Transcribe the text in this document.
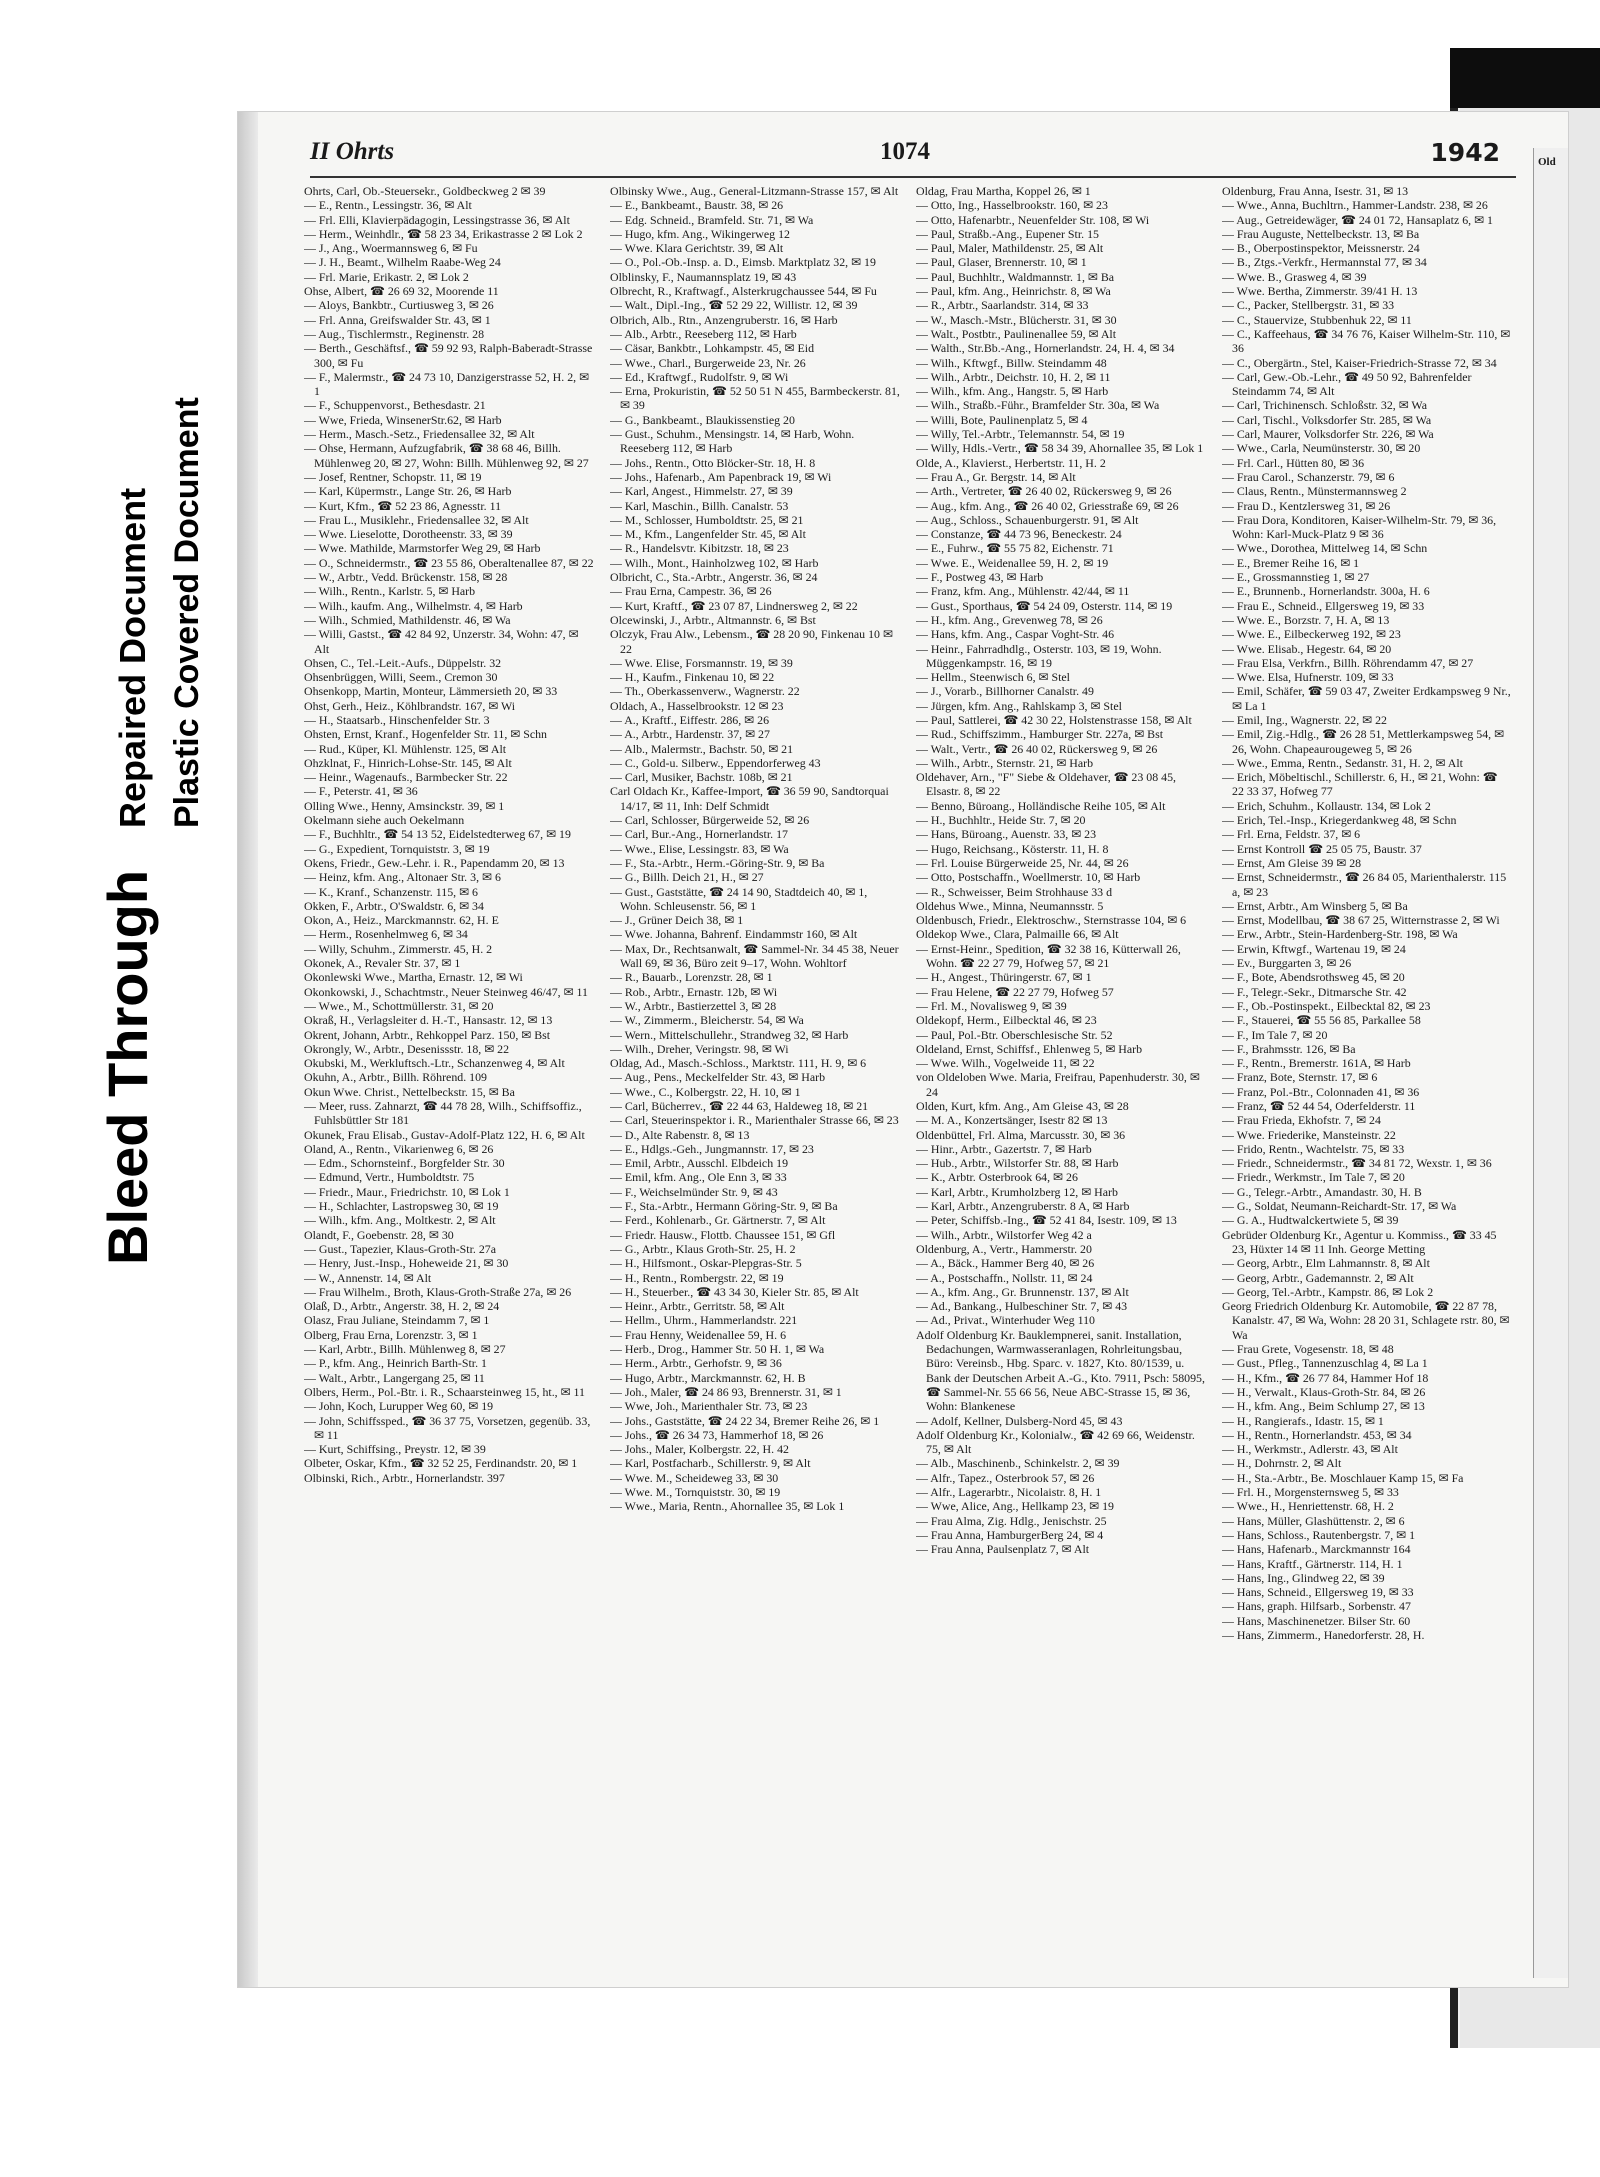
Bleed Through
Repaired Document Plastic Covered Document
II Ohrts	1074	1942
Ohrts, Carl, Ob.-Steuersekr., Goldbeckweg 2 ✉ 39
— E., Rentn., Lessingstr. 36, ✉ Alt
— Frl. Elli, Klavierpädagogin, Lessingstrasse 36, ✉ Alt
— Herm., Weinhdlr., ☎ 58 23 34, Erikastrasse 2 ✉ Lok 2
— J., Ang., Woermannsweg 6, ✉ Fu
— J. H., Beamt., Wilhelm Raabe-Weg 24
— Frl. Marie, Erikastr. 2, ✉ Lok 2
Ohse, Albert, ☎ 26 69 32, Moorende 11
— Aloys, Bankbtr., Curtiusweg 3, ✉ 26
— Frl. Anna, Greifswalder Str. 43, ✉ 1
— Aug., Tischlermstr., Reginenstr. 28
— Berth., Geschäftsf., ☎ 59 92 93, Ralph-Baberadt-Strasse 300, ✉ Fu
— F., Malermstr., ☎ 24 73 10, Danzigerstrasse 52, H. 2, ✉ 1
— F., Schuppenvorst., Bethesdastr. 21
— Wwe, Frieda, WinsenerStr.62, ✉ Harb
— Herm., Masch.-Setz., Friedensallee 32, ✉ Alt
— Ohse, Hermann, Aufzugfabrik, ☎ 38 68 46, Billh. Mühlenweg 20, ✉ 27, Wohn: Billh. Mühlenweg 92, ✉ 27
— Josef, Rentner, Schopstr. 11, ✉ 19
— Karl, Küpermstr., Lange Str. 26, ✉ Harb
— Kurt, Kfm., ☎ 52 23 86, Agnesstr. 11
— Frau L., Musiklehr., Friedensallee 32, ✉ Alt
— Wwe. Lieselotte, Dorotheenstr. 33, ✉ 39
— Wwe. Mathilde, Marmstorfer Weg 29, ✉ Harb
— O., Schneidermstr., ☎ 23 55 86, Oberaltenallee 87, ✉ 22
— W., Arbtr., Vedd. Brückenstr. 158, ✉ 28
— Wilh., Rentn., Karlstr. 5, ✉ Harb
— Wilh., kaufm. Ang., Wilhelmstr. 4, ✉ Harb
— Wilh., Schmied, Mathildenstr. 46, ✉ Wa
— Willi, Gastst., ☎ 42 84 92, Unzerstr. 34, Wohn: 47, ✉ Alt
Ohsen, C., Tel.-Leit.-Aufs., Düppelstr. 32
Ohsenbrüggen, Willi, Seem., Cremon 30
Ohsenkopp, Martin, Monteur, Lämmersieth 20, ✉ 33
Ohst, Gerh., Heiz., Köhlbrandstr. 167, ✉ Wi
— H., Staatsarb., Hinschenfelder Str. 3
Ohsten, Ernst, Kranf., Hogenfelder Str. 11, ✉ Schn
— Rud., Küper, Kl. Mühlenstr. 125, ✉ Alt
Ohzklnat, F., Hinrich-Lohse-Str. 145, ✉ Alt
— Heinr., Wagenaufs., Barmbecker Str. 22
— F., Peterstr. 41, ✉ 36
Olling Wwe., Henny, Amsinckstr. 39, ✉ 1
Okelmann siehe auch Oekelmann
— F., Buchhltr., ☎ 54 13 52, Eidelstedterweg 67, ✉ 19
— G., Expedient, Tornquiststr. 3, ✉ 19
Okens, Friedr., Gew.-Lehr. i. R., Papendamm 20, ✉ 13
— Heinz, kfm. Ang., Altonaer Str. 3, ✉ 6
— K., Kranf., Schanzenstr. 115, ✉ 6
Okken, F., Arbtr., O'Swaldstr. 6, ✉ 34
Okon, A., Heiz., Marckmannstr. 62, H. E
— Herm., Rosenhelmweg 6, ✉ 34
— Willy, Schuhm., Zimmerstr. 45, H. 2
Okonek, A., Revaler Str. 37, ✉ 1
Okonlewski Wwe., Martha, Ernastr. 12, ✉ Wi
Okonkowski, J., Schachtmstr., Neuer Steinweg 46/47, ✉ 11
— Wwe., M., Schottmüllerstr. 31, ✉ 20
Okraß, H., Verlagsleiter d. H.-T., Hansastr. 12, ✉ 13
Okrent, Johann, Arbtr., Rehkoppel Parz. 150, ✉ Bst
Okrongly, W., Arbtr., Desenissstr. 18, ✉ 22
Okubski, M., Werkluftsch.-Ltr., Schanzenweg 4, ✉ Alt
Okuhn, A., Arbtr., Billh. Röhrend. 109
Okun Wwe. Christ., Nettelbeckstr. 15, ✉ Ba
— Meer, russ. Zahnarzt, ☎ 44 78 28, Wilh., Schiffsoffiz., Fuhlsbüttler Str 181
Okunek, Frau Elisab., Gustav-Adolf-Platz 122, H. 6, ✉ Alt
Oland, A., Rentn., Vikarienweg 6, ✉ 26
— Edm., Schornsteinf., Borgfelder Str. 30
— Edmund, Vertr., Humboldtstr. 75
— Friedr., Maur., Friedrichstr. 10, ✉ Lok 1
— H., Schlachter, Lastropsweg 30, ✉ 19
— Wilh., kfm. Ang., Moltkestr. 2, ✉ Alt
Olandt, F., Goebenstr. 28, ✉ 30
— Gust., Tapezier, Klaus-Groth-Str. 27a
— Henry, Just.-Insp., Hoheweide 21, ✉ 30
— W., Annenstr. 14, ✉ Alt
— Frau Wilhelm., Broth, Klaus-Groth-Straße 27a, ✉ 26
Olaß, D., Arbtr., Angerstr. 38, H. 2, ✉ 24
Olasz, Frau Juliane, Steindamm 7, ✉ 1
Olberg, Frau Erna, Lorenzstr. 3, ✉ 1
— Karl, Arbtr., Billh. Mühlenweg 8, ✉ 27
— P., kfm. Ang., Heinrich Barth-Str. 1
— Walt., Arbtr., Langergang 25, ✉ 11
Olbers, Herm., Pol.-Btr. i. R., Schaarsteinweg 15, ht., ✉ 11
— John, Koch, Lurupper Weg 60, ✉ 19
— John, Schiffssped., ☎ 36 37 75, Vorsetzen, gegenüb. 33, ✉ 11
— Kurt, Schiffsing., Preystr. 12, ✉ 39
Olbeter, Oskar, Kfm., ☎ 32 52 25, Ferdinandstr. 20, ✉ 1
Olbinski, Rich., Arbtr., Hornerlandstr. 397
Olbinsky Wwe., Aug., General-Litzmann-Strasse 157, ✉ Alt
— E., Bankbeamt., Baustr. 38, ✉ 26
— Edg. Schneid., Bramfeld. Str. 71, ✉ Wa
— Hugo, kfm. Ang., Wikingerweg 12
— Wwe. Klara Gerichtstr. 39, ✉ Alt
— O., Pol.-Ob.-Insp. a. D., Eimsb. Marktplatz 32, ✉ 19
Olblinsky, F., Naumannsplatz 19, ✉ 43
Olbrecht, R., Kraftwagf., Alsterkrugchaussee 544, ✉ Fu
— Walt., Dipl.-Ing., ☎ 52 29 22, Willistr. 12, ✉ 39
Olbrich, Alb., Rtn., Anzengruberstr. 16, ✉ Harb
— Alb., Arbtr., Reeseberg 112, ✉ Harb
— Cäsar, Bankbtr., Lohkampstr. 45, ✉ Eid
— Wwe., Charl., Burgerweide 23, Nr. 26
— Ed., Kraftwgf., Rudolfstr. 9, ✉ Wi
— Erna, Prokuristin, ☎ 52 50 51 N 455, Barmbeckerstr. 81, ✉ 39
— G., Bankbeamt., Blaukissenstieg 20
— Gust., Schuhm., Mensingstr. 14, ✉ Harb, Wohn. Reeseberg 112, ✉ Harb
— Johs., Rentn., Otto Blöcker-Str. 18, H. 8
— Johs., Hafenarb., Am Papenbrack 19, ✉ Wi
— Karl, Angest., Himmelstr. 27, ✉ 39
— Karl, Maschin., Billh. Canalstr. 53
— M., Schlosser, Humboldtstr. 25, ✉ 21
— M., Kfm., Langenfelder Str. 45, ✉ Alt
— R., Handelsvtr. Kibitzstr. 18, ✉ 23
— Wilh., Mont., Hainholzweg 102, ✉ Harb
Olbricht, C., Sta.-Arbtr., Angerstr. 36, ✉ 24
— Frau Erna, Campestr. 36, ✉ 26
— Kurt, Kraftf., ☎ 23 07 87, Lindnersweg 2, ✉ 22
Olcewinski, J., Arbtr., Altmannstr. 6, ✉ Bst
Olczyk, Frau Alw., Lebensm., ☎ 28 20 90, Finkenau 10 ✉ 22
— Wwe. Elise, Forsmannstr. 19, ✉ 39
— H., Kaufm., Finkenau 10, ✉ 22
— Th., Oberkassenverw., Wagnerstr. 22
Oldach, A., Hasselbrookstr. 12 ✉ 23
— A., Kraftf., Eiffestr. 286, ✉ 26
— A., Arbtr., Hardenstr. 37, ✉ 27
— Alb., Malermstr., Bachstr. 50, ✉ 21
— C., Gold-u. Silberw., Eppendorferweg 43
— Carl, Musiker, Bachstr. 108b, ✉ 21
Carl Oldach Kr., Kaffee-Import, ☎ 36 59 90, Sandtorquai 14/17, ✉ 11, Inh: Delf Schmidt
— Carl, Schlosser, Bürgerweide 52, ✉ 26
— Carl, Bur.-Ang., Hornerlandstr. 17
— Wwe., Elise, Lessingstr. 83, ✉ Wa
— F., Sta.-Arbtr., Herm.-Göring-Str. 9, ✉ Ba
— G., Billh. Deich 21, H., ✉ 27
— Gust., Gaststätte, ☎ 24 14 90, Stadtdeich 40, ✉ 1, Wohn. Schleusenstr. 56, ✉ 1
— J., Grüner Deich 38, ✉ 1
— Wwe. Johanna, Bahrenf. Eindammstr 160, ✉ Alt
— Max, Dr., Rechtsanwalt, ☎ Sammel-Nr. 34 45 38, Neuer Wall 69, ✉ 36, Büro zeit 9–17, Wohn. Wohltorf
— R., Bauarb., Lorenzstr. 28, ✉ 1
— Rob., Arbtr., Ernastr. 12b, ✉ Wi
— W., Arbtr., Bastierzettel 3, ✉ 28
— W., Zimmerm., Bleicherstr. 54, ✉ Wa
— Wern., Mittelschullehr., Strandweg 32, ✉ Harb
— Wilh., Dreher, Veringstr. 98, ✉ Wi
Oldag, Ad., Masch.-Schloss., Marktstr. 111, H. 9, ✉ 6
— Aug., Pens., Meckelfelder Str. 43, ✉ Harb
— Wwe., C., Kolbergstr. 22, H. 10, ✉ 1
— Carl, Bücherrev., ☎ 22 44 63, Haldeweg 18, ✉ 21
— Carl, Steuerinspektor i. R., Marienthaler Strasse 66, ✉ 23
— D., Alte Rabenstr. 8, ✉ 13
— E., Hdlgs.-Geh., Jungmannstr. 17, ✉ 23
— Emil, Arbtr., Ausschl. Elbdeich 19
— Emil, kfm. Ang., Ole Enn 3, ✉ 33
— F., Weichselmünder Str. 9, ✉ 43
— F., Sta.-Arbtr., Hermann Göring-Str. 9, ✉ Ba
— Ferd., Kohlenarb., Gr. Gärtnerstr. 7, ✉ Alt
— Friedr. Hausw., Flottb. Chaussee 151, ✉ Gfl
— G., Arbtr., Klaus Groth-Str. 25, H. 2
— H., Hilfsmont., Oskar-Plepgras-Str. 5
— H., Rentn., Rombergstr. 22, ✉ 19
— H., Steuerber., ☎ 43 34 30, Kieler Str. 85, ✉ Alt
— Heinr., Arbtr., Gerritstr. 58, ✉ Alt
— Hellm., Uhrm., Hammerlandstr. 221
— Frau Henny, Weidenallee 59, H. 6
— Herb., Drog., Hammer Str. 50 H. 1, ✉ Wa
— Herm., Arbtr., Gerhofstr. 9, ✉ 36
— Hugo, Arbtr., Marckmannstr. 62, H. B
— Joh., Maler, ☎ 24 86 93, Brennerstr. 31, ✉ 1
— Wwe, Joh., Marienthaler Str. 73, ✉ 23
— Johs., Gaststätte, ☎ 24 22 34, Bremer Reihe 26, ✉ 1
— Johs., ☎ 26 34 73, Hammerhof 18, ✉ 26
— Johs., Maler, Kolbergstr. 22, H. 42
— Karl, Postfacharb., Schillerstr. 9, ✉ Alt
— Wwe. M., Scheideweg 33, ✉ 30
— Wwe. M., Tornquiststr. 30, ✉ 19
— Wwe., Maria, Rentn., Ahornallee 35, ✉ Lok 1
Oldag, Frau Martha, Koppel 26, ✉ 1
— Otto, Ing., Hasselbrookstr. 160, ✉ 23
— Otto, Hafenarbtr., Neuenfelder Str. 108, ✉ Wi
— Paul, Straßb.-Ang., Eupener Str. 15
— Paul, Maler, Mathildenstr. 25, ✉ Alt
— Paul, Glaser, Brennerstr. 10, ✉ 1
— Paul, Buchhltr., Waldmannstr. 1, ✉ Ba
— Paul, kfm. Ang., Heinrichstr. 8, ✉ Wa
— R., Arbtr., Saarlandstr. 314, ✉ 33
— W., Masch.-Mstr., Blücherstr. 31, ✉ 30
— Walt., Postbtr., Paulinenallee 59, ✉ Alt
— Walth., Str.Bb.-Ang., Hornerlandstr. 24, H. 4, ✉ 34
— Wilh., Kftwgf., Billw. Steindamm 48
— Wilh., Arbtr., Deichstr. 10, H. 2, ✉ 11
— Wilh., kfm. Ang., Hangstr. 5, ✉ Harb
— Wilh., Straßb.-Führ., Bramfelder Str. 30a, ✉ Wa
— Willi, Bote, Paulinenplatz 5, ✉ 4
— Willy, Tel.-Arbtr., Telemannstr. 54, ✉ 19
— Willy, Hdls.-Vertr., ☎ 58 34 39, Ahornallee 35, ✉ Lok 1
Olde, A., Klavierst., Herbertstr. 11, H. 2
— Frau A., Gr. Bergstr. 14, ✉ Alt
— Arth., Vertreter, ☎ 26 40 02, Rückersweg 9, ✉ 26
— Aug., kfm. Ang., ☎ 26 40 02, Griesstraße 69, ✉ 26
— Aug., Schloss., Schauenburgerstr. 91, ✉ Alt
— Constanze, ☎ 44 73 96, Beneckestr. 24
— E., Fuhrw., ☎ 55 75 82, Eichenstr. 71
— Wwe. E., Weidenallee 59, H. 2, ✉ 19
— F., Postweg 43, ✉ Harb
— Franz, kfm. Ang., Mühlenstr. 42/44, ✉ 11
— Gust., Sporthaus, ☎ 54 24 09, Osterstr. 114, ✉ 19
— H., kfm. Ang., Grevenweg 78, ✉ 26
— Hans, kfm. Ang., Caspar Voght-Str. 46
— Heinr., Fahrradhdlg., Osterstr. 103, ✉ 19, Wohn. Müggenkampstr. 16, ✉ 19
— Hellm., Steenwisch 6, ✉ Stel
— J., Vorarb., Billhorner Canalstr. 49
— Jürgen, kfm. Ang., Rahlskamp 3, ✉ Stel
— Paul, Sattlerei, ☎ 42 30 22, Holstenstrasse 158, ✉ Alt
— Rud., Schiffszimm., Hamburger Str. 227a, ✉ Bst
— Walt., Vertr., ☎ 26 40 02, Rückersweg 9, ✉ 26
— Wilh., Arbtr., Sternstr. 21, ✉ Harb
Oldehaver, Arn., "F" Siebe & Oldehaver, ☎ 23 08 45, Elsastr. 8, ✉ 22
— Benno, Büroang., Holländische Reihe 105, ✉ Alt
— H., Buchhltr., Heide Str. 7, ✉ 20
— Hans, Büroang., Auenstr. 33, ✉ 23
— Hugo, Reichsang., Kösterstr. 11, H. 8
— Frl. Louise Bürgerweide 25, Nr. 44, ✉ 26
— Otto, Postschaffn., Woellmerstr. 10, ✉ Harb
— R., Schweisser, Beim Strohhause 33 d
Oldehus Wwe., Minna, Neumannsstr. 5
Oldenbusch, Friedr., Elektroschw., Sternstrasse 104, ✉ 6
Oldekop Wwe., Clara, Palmaille 66, ✉ Alt
— Ernst-Heinr., Spedition, ☎ 32 38 16, Kütterwall 26, Wohn. ☎ 22 27 79, Hofweg 57, ✉ 21
— H., Angest., Thüringerstr. 67, ✉ 1
— Frau Helene, ☎ 22 27 79, Hofweg 57
— Frl. M., Novalisweg 9, ✉ 39
Oldekopf, Herm., Eilbecktal 46, ✉ 23
— Paul, Pol.-Btr. Oberschlesische Str. 52
Oldeland, Ernst, Schiffsf., Ehlenweg 5, ✉ Harb
— Wwe. Wilh., Vogelweide 11, ✉ 22
von Oldeloben Wwe. Maria, Freifrau, Papenhuderstr. 30, ✉ 24
Olden, Kurt, kfm. Ang., Am Gleise 43, ✉ 28
— M. A., Konzertsänger, Isestr 82 ✉ 13
Oldenbüttel, Frl. Alma, Marcusstr. 30, ✉ 36
— Hinr., Arbtr., Gazertstr. 7, ✉ Harb
— Hub., Arbtr., Wilstorfer Str. 88, ✉ Harb
— K., Arbtr. Osterbrook 64, ✉ 26
— Karl, Arbtr., Krumholzberg 12, ✉ Harb
— Karl, Arbtr., Anzengruberstr. 8 A, ✉ Harb
— Peter, Schiffsb.-Ing., ☎ 52 41 84, Isestr. 109, ✉ 13
— Wilh., Arbtr., Wilstorfer Weg 42 a
Oldenburg, A., Vertr., Hammerstr. 20
— A., Bäck., Hammer Berg 40, ✉ 26
— A., Postschaffn., Nollstr. 11, ✉ 24
— A., kfm. Ang., Gr. Brunnenstr. 137, ✉ Alt
— Ad., Bankang., Hulbeschiner Str. 7, ✉ 43
— Ad., Privat., Winterhuder Weg 110
Adolf Oldenburg Kr. Bauklempnerei, sanit. Installation, Bedachungen, Warmwasseranlagen, Rohrleitungsbau, Büro: Vereinsb., Hbg. Sparc. v. 1827, Kto. 80/1539, u. Bank der Deutschen Arbeit A.-G., Kto. 7911, Psch: 58095, ☎ Sammel-Nr. 55 66 56, Neue ABC-Strasse 15, ✉ 36, Wohn: Blankenese
— Adolf, Kellner, Dulsberg-Nord 45, ✉ 43
Adolf Oldenburg Kr., Kolonialw., ☎ 42 69 66, Weidenstr. 75, ✉ Alt
— Alb., Maschinenb., Schinkelstr. 2, ✉ 39
— Alfr., Tapez., Osterbrook 57, ✉ 26
— Alfr., Lagerarbtr., Nicolaistr. 8, H. 1
— Wwe, Alice, Ang., Hellkamp 23, ✉ 19
— Frau Alma, Zig. Hdlg., Jenischstr. 25
— Frau Anna, HamburgerBerg 24, ✉ 4
— Frau Anna, Paulsenplatz 7, ✉ Alt
Oldenburg, Frau Anna, Isestr. 31, ✉ 13
— Wwe., Anna, Buchltrn., Hammer-Landstr. 238, ✉ 26
— Aug., Getreidewäger, ☎ 24 01 72, Hansaplatz 6, ✉ 1
— Frau Auguste, Nettelbeckstr. 13, ✉ Ba
— B., Oberpostinspektor, Meissnerstr. 24
— B., Ztgs.-Verkfr., Hermannstal 77, ✉ 34
— Wwe. B., Grasweg 4, ✉ 39
— Wwe. Bertha, Zimmerstr. 39/41 H. 13
— C., Packer, Stellbergstr. 31, ✉ 33
— C., Stauervize, Stubbenhuk 22, ✉ 11
— C., Kaffeehaus, ☎ 34 76 76, Kaiser Wilhelm-Str. 110, ✉ 36
— C., Obergärtn., Stel, Kaiser-Friedrich-Strasse 72, ✉ 34
— Carl, Gew.-Ob.-Lehr., ☎ 49 50 92, Bahrenfelder Steindamm 74, ✉ Alt
— Carl, Trichinensch. Schloßstr. 32, ✉ Wa
— Carl, Tischl., Volksdorfer Str. 285, ✉ Wa
— Carl, Maurer, Volksdorfer Str. 226, ✉ Wa
— Wwe., Carla, Neumünsterstr. 30, ✉ 20
— Frl. Carl., Hütten 80, ✉ 36
— Frau Carol., Schanzerstr. 79, ✉ 6
— Claus, Rentn., Münstermannsweg 2
— Frau D., Kentzlersweg 31, ✉ 26
— Frau Dora, Konditoren, Kaiser-Wilhelm-Str. 79, ✉ 36, Wohn: Karl-Muck-Platz 9 ✉ 36
— Wwe., Dorothea, Mittelweg 14, ✉ Schn
— E., Bremer Reihe 16, ✉ 1
— E., Grossmannstieg 1, ✉ 27
— E., Brunnenb., Hornerlandstr. 300a, H. 6
— Frau E., Schneid., Ellgersweg 19, ✉ 33
— Wwe. E., Borzstr. 7, H. A, ✉ 13
— Wwe. E., Eilbeckerweg 192, ✉ 23
— Wwe. Elisab., Hegestr. 64, ✉ 20
— Frau Elsa, Verkfrn., Billh. Röhrendamm 47, ✉ 27
— Wwe. Elsa, Hufnerstr. 109, ✉ 33
— Emil, Schäfer, ☎ 59 03 47, Zweiter Erdkampsweg 9 Nr., ✉ La 1
— Emil, Ing., Wagnerstr. 22, ✉ 22
— Emil, Zig.-Hdlg., ☎ 26 28 51, Mettlerkampsweg 54, ✉ 26, Wohn. Chapeaurougeweg 5, ✉ 26
— Wwe., Emma, Rentn., Sedanstr. 31, H. 2, ✉ Alt
— Erich, Möbeltischl., Schillerstr. 6, H., ✉ 21, Wohn: ☎ 22 33 37, Hofweg 77
— Erich, Schuhm., Kollaustr. 134, ✉ Lok 2
— Erich, Tel.-Insp., Kriegerdankweg 48, ✉ Schn
— Frl. Erna, Feldstr. 37, ✉ 6
— Ernst Kontroll ☎ 25 05 75, Baustr. 37
— Ernst, Am Gleise 39 ✉ 28
— Ernst, Schneidermstr., ☎ 26 84 05, Marienthalerstr. 115 a, ✉ 23
— Ernst, Arbtr., Am Winsberg 5, ✉ Ba
— Ernst, Modellbau, ☎ 38 67 25, Witternstrasse 2, ✉ Wi
— Erw., Arbtr., Stein-Hardenberg-Str. 198, ✉ Wa
— Erwin, Kftwgf., Wartenau 19, ✉ 24
— Ev., Burggarten 3, ✉ 26
— F., Bote, Abendsrothsweg 45, ✉ 20
— F., Telegr.-Sekr., Ditmarsche Str. 42
— F., Ob.-Postinspekt., Eilbecktal 82, ✉ 23
— F., Stauerei, ☎ 55 56 85, Parkallee 58
— F., Im Tale 7, ✉ 20
— F., Brahmsstr. 126, ✉ Ba
— F., Rentn., Bremerstr. 161A, ✉ Harb
— Franz, Bote, Sternstr. 17, ✉ 6
— Franz, Pol.-Btr., Colonnaden 41, ✉ 36
— Franz, ☎ 52 44 54, Oderfelderstr. 11
— Frau Frieda, Ekhofstr. 7, ✉ 24
— Wwe. Friederike, Mansteinstr. 22
— Frido, Rentn., Wachtelstr. 75, ✉ 33
— Friedr., Schneidermstr., ☎ 34 81 72, Wexstr. 1, ✉ 36
— Friedr., Werkmstr., Im Tale 7, ✉ 20
— G., Telegr.-Arbtr., Amandastr. 30, H. B
— G., Soldat, Neumann-Reichardt-Str. 17, ✉ Wa
— G. A., Hudtwalckertwiete 5, ✉ 39
Gebrüder Oldenburg Kr., Agentur u. Kommiss., ☎ 33 45 23, Hüxter 14 ✉ 11 Inh. George Metting
— Georg, Arbtr., Elm Lahmannstr. 8, ✉ Alt
— Georg, Arbtr., Gademannstr. 2, ✉ Alt
— Georg, Tel.-Arbtr., Kampstr. 86, ✉ Lok 2
Georg Friedrich Oldenburg Kr. Automobile, ☎ 22 87 78, Kanalstr. 47, ✉ Wa, Wohn: 28 20 31, Schlagete rstr. 80, ✉ Wa
— Frau Grete, Vogesenstr. 18, ✉ 48
— Gust., Pfleg., Tannenzuschlag 4, ✉ La 1
— H., Kfm., ☎ 26 77 84, Hammer Hof 18
— H., Verwalt., Klaus-Groth-Str. 84, ✉ 26
— H., kfm. Ang., Beim Schlump 27, ✉ 13
— H., Rangierafs., Idastr. 15, ✉ 1
— H., Rentn., Hornerlandstr. 453, ✉ 34
— H., Werkmstr., Adlerstr. 43, ✉ Alt
— H., Dohrnstr. 2, ✉ Alt
— H., Sta.-Arbtr., Be. Moschlauer Kamp 15, ✉ Fa
— Frl. H., Morgensternsweg 5, ✉ 33
— Wwe., H., Henriettenstr. 68, H. 2
— Hans, Müller, Glashüttenstr. 2, ✉ 6
— Hans, Schloss., Rautenbergstr. 7, ✉ 1
— Hans, Hafenarb., Marckmannstr 164
— Hans, Kraftf., Gärtnerstr. 114, H. 1
— Hans, Ing., Glindweg 22, ✉ 39
— Hans, Schneid., Ellgersweg 19, ✉ 33
— Hans, graph. Hilfsarb., Sorbenstr. 47
— Hans, Maschinenetzer. Bilser Str. 60
— Hans, Zimmerm., Hanedorferstr. 28, H.
Old
